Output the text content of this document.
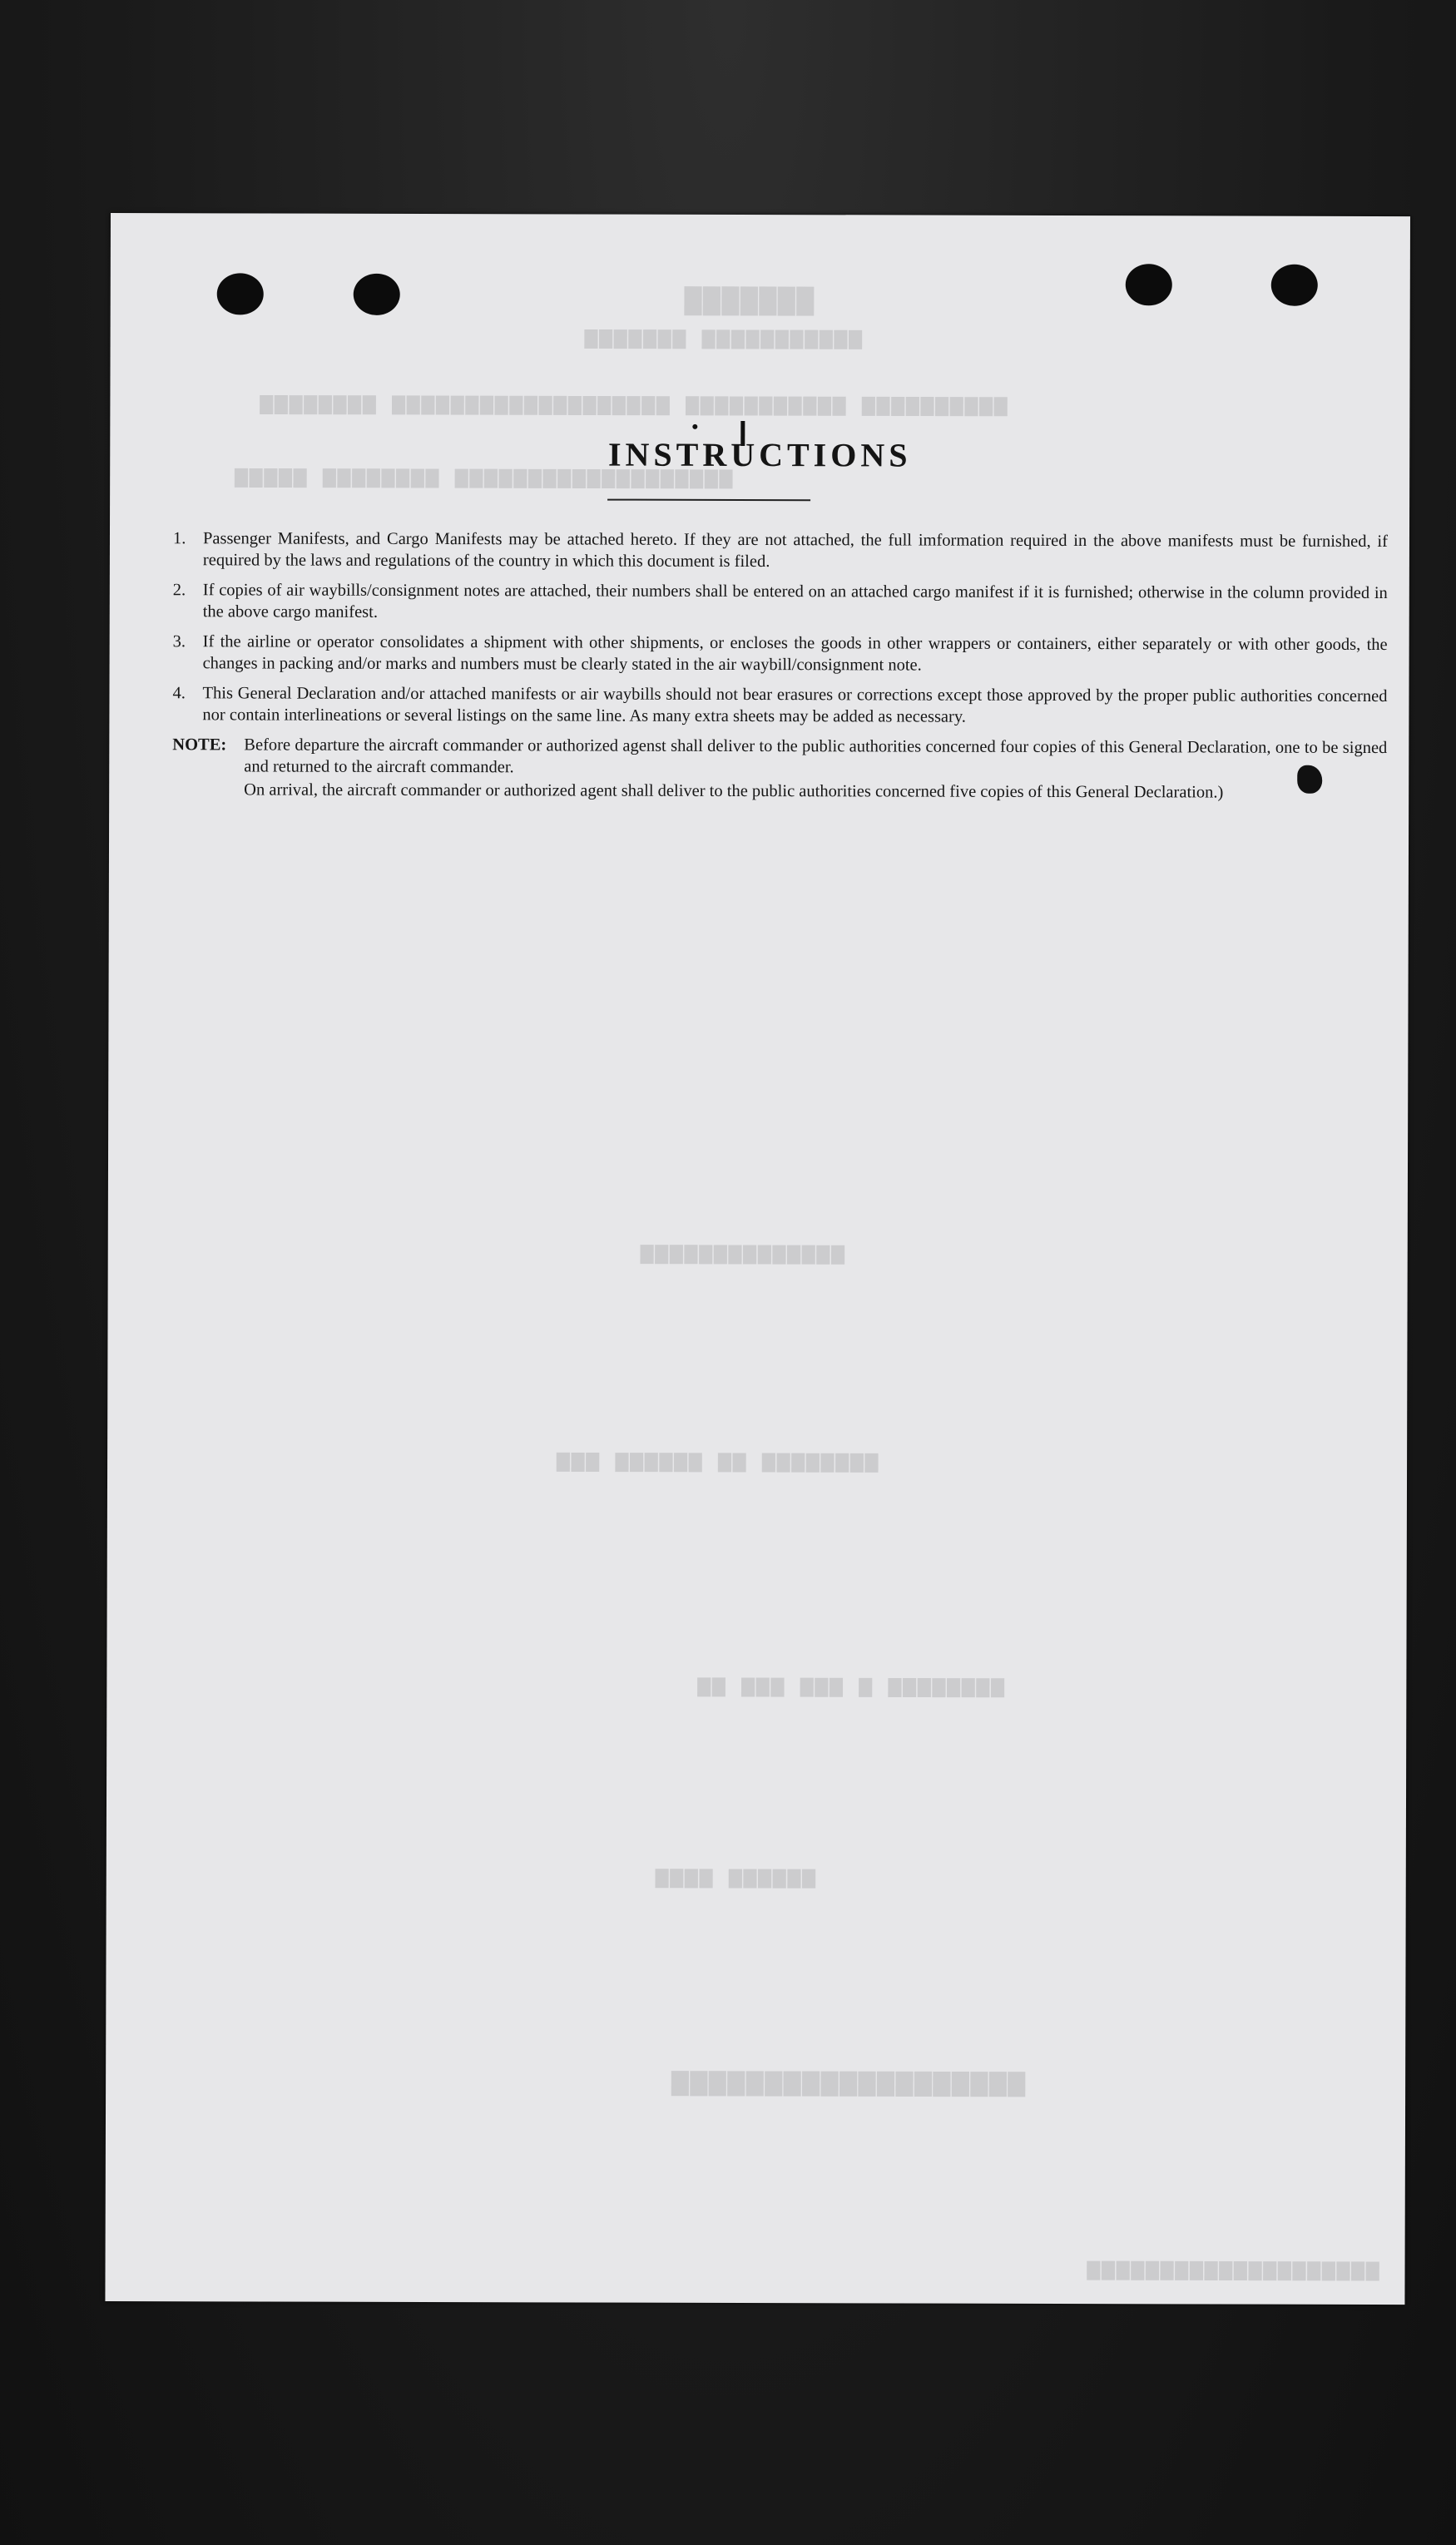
▇▇▇▇▇▇▇
▆▆▆▆▆▆▆ ▆▆▆▆▆▆▆▆▆▆▆
▆▆▆▆▆▆▆▆ ▆▆▆▆▆▆▆▆▆▆▆▆▆▆▆▆▆▆▆ ▆▆▆▆▆▆▆▆▆▆▆ ▆▆▆▆▆▆▆▆▆▆
▆▆▆▆▆ ▆▆▆▆▆▆▆▆ ▆▆▆▆▆▆▆▆▆▆▆▆▆▆▆▆▆▆▆
▆▆▆▆▆▆▆▆▆▆▆▆▆▆
▆▆▆ ▆▆▆▆▆▆ ▆▆ ▆▆▆▆▆▆▆▆
▆▆ ▆▆▆ ▆▆▆ ▆ ▆▆▆▆▆▆▆▆
▆▆▆▆ ▆▆▆▆▆▆
▆▆▆▆▆▆▆▆▆▆▆▆▆▆▆▆▆▆▆
▆▆▆▆▆▆▆▆▆▆▆▆▆▆▆▆▆▆▆▆
INSTRUCTIONS
1.	Passenger Manifests, and Cargo Manifests may be attached hereto. If they are not attached, the full imformation required in the above manifests must be furnished, if required by the laws and regulations of the country in which this document is filed.
2.	If copies of air waybills/consignment notes are attached, their numbers shall be entered on an attached cargo manifest if it is furnished; otherwise in the column provided in the above cargo manifest.
3.	If the airline or operator consolidates a shipment with other shipments, or encloses the goods in other wrappers or containers, either separately or with other goods, the changes in packing and/or marks and numbers must be clearly stated in the air waybill/consignment note.
4.	This General Declaration and/or attached manifests or air waybills should not bear erasures or corrections except those approved by the proper public authorities concerned nor contain interlineations or several listings on the same line. As many extra sheets may be added as necessary.
NOTE:	Before departure the aircraft commander or authorized agenst shall deliver to the public authorities concerned four copies of this General Declaration, one to be signed and returned to the aircraft commander.

On arrival, the aircraft commander or authorized agent shall deliver to the public authorities concerned five copies of this General Declaration.)
